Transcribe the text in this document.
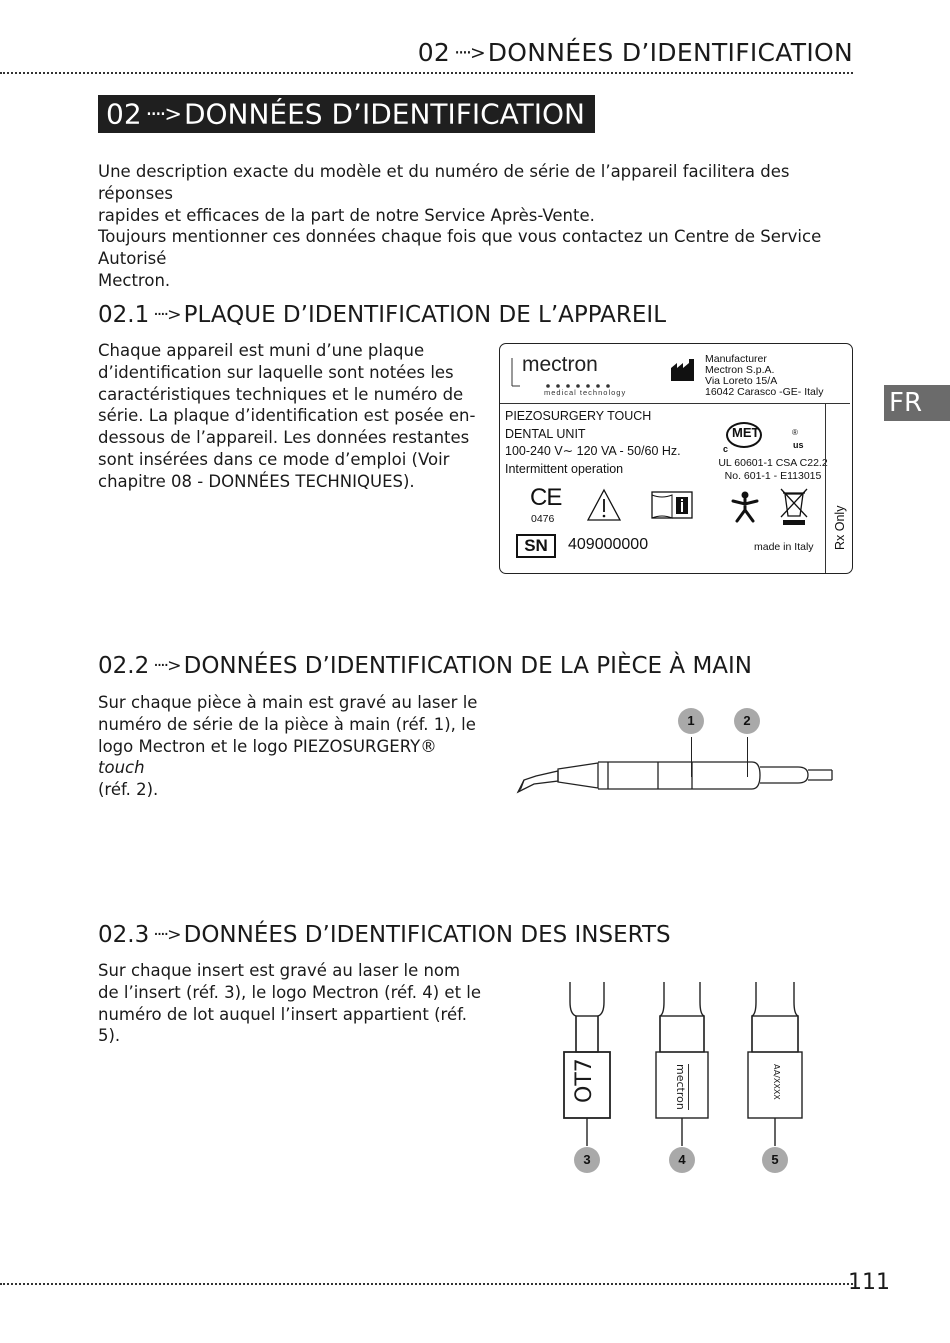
02 ····> DONNÉES D’IDENTIFICATION
02 ····> DONNÉES D’IDENTIFICATION
Une description exacte du modèle et du numéro de série de l’appareil facilitera des réponses
rapides et efficaces de la part de notre Service Après-Vente.
Toujours mentionner ces données chaque fois que vous contactez un Centre de Service Autorisé
Mectron.
02.1 ····> PLAQUE D’IDENTIFICATION DE L’APPAREIL
Chaque appareil est muni d’une plaque
d’identification sur laquelle sont notées les
caractéristiques techniques et le numéro de
série. La plaque d’identification est posée en-
dessous de l’appareil. Les données restantes
sont insérées dans ce mode d’emploi (Voir
chapitre 08 - DONNÉES TECHNIQUES).
mectron
medical technology
Manufacturer
Mectron S.p.A.
Via Loreto 15/A
16042 Carasco -GE- Italy
PIEZOSURGERY TOUCH
DENTAL UNIT
100-240 V∼ 120 VA - 50/60 Hz.
Intermittent operation
MET
c	us
®
UL 60601-1 CSA C22.2
No. 601-1 - E113015
CE
0476	Rx Only
SN	409000000	made in Italy
FR
02.2 ····> DONNÉES D’IDENTIFICATION DE LA PIÈCE À MAIN
Sur chaque pièce à main est gravé au laser le
numéro de série de la pièce à main (réf. 1), le
logo Mectron et le logo PIEZOSURGERY® touch
(réf. 2).
1	2
02.3 ····> DONNÉES D’IDENTIFICATION DES INSERTS
Sur chaque insert est gravé au laser le nom
de l’insert (réf. 3), le logo Mectron (réf. 4) et le
numéro de lot auquel l’insert appartient (réf. 5).
OT7	mectron	AA/XXXX
3	4	5
111
